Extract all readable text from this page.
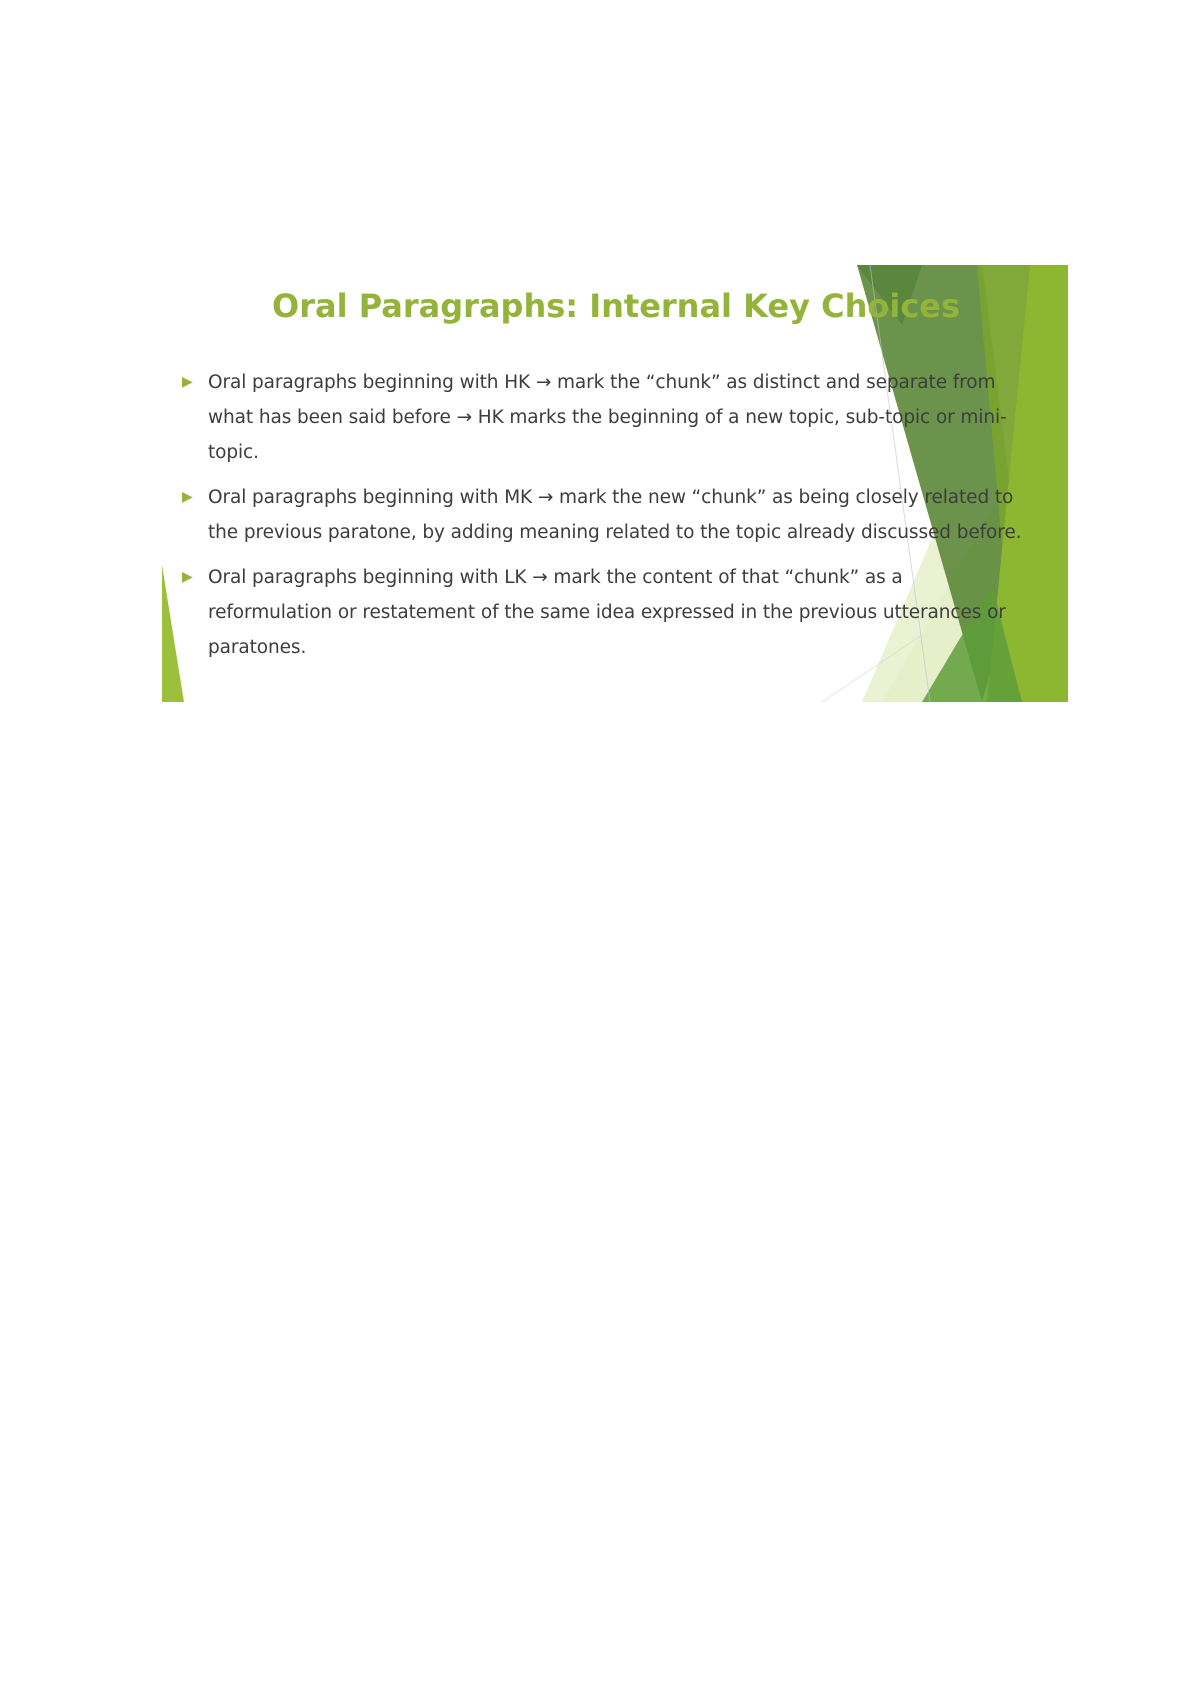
Oral Paragraphs: Internal Key Choices
▶ Oral paragraphs beginning with HK → mark the “chunk” as distinct and separate from what has been said before → HK marks the beginning of a new topic, sub-topic or mini-topic.
▶ Oral paragraphs beginning with MK → mark the new “chunk” as being closely related to the previous paratone, by adding meaning related to the topic already discussed before.
▶ Oral paragraphs beginning with LK → mark the content of that “chunk” as a reformulation or restatement of the same idea expressed in the previous utterances or paratones.
